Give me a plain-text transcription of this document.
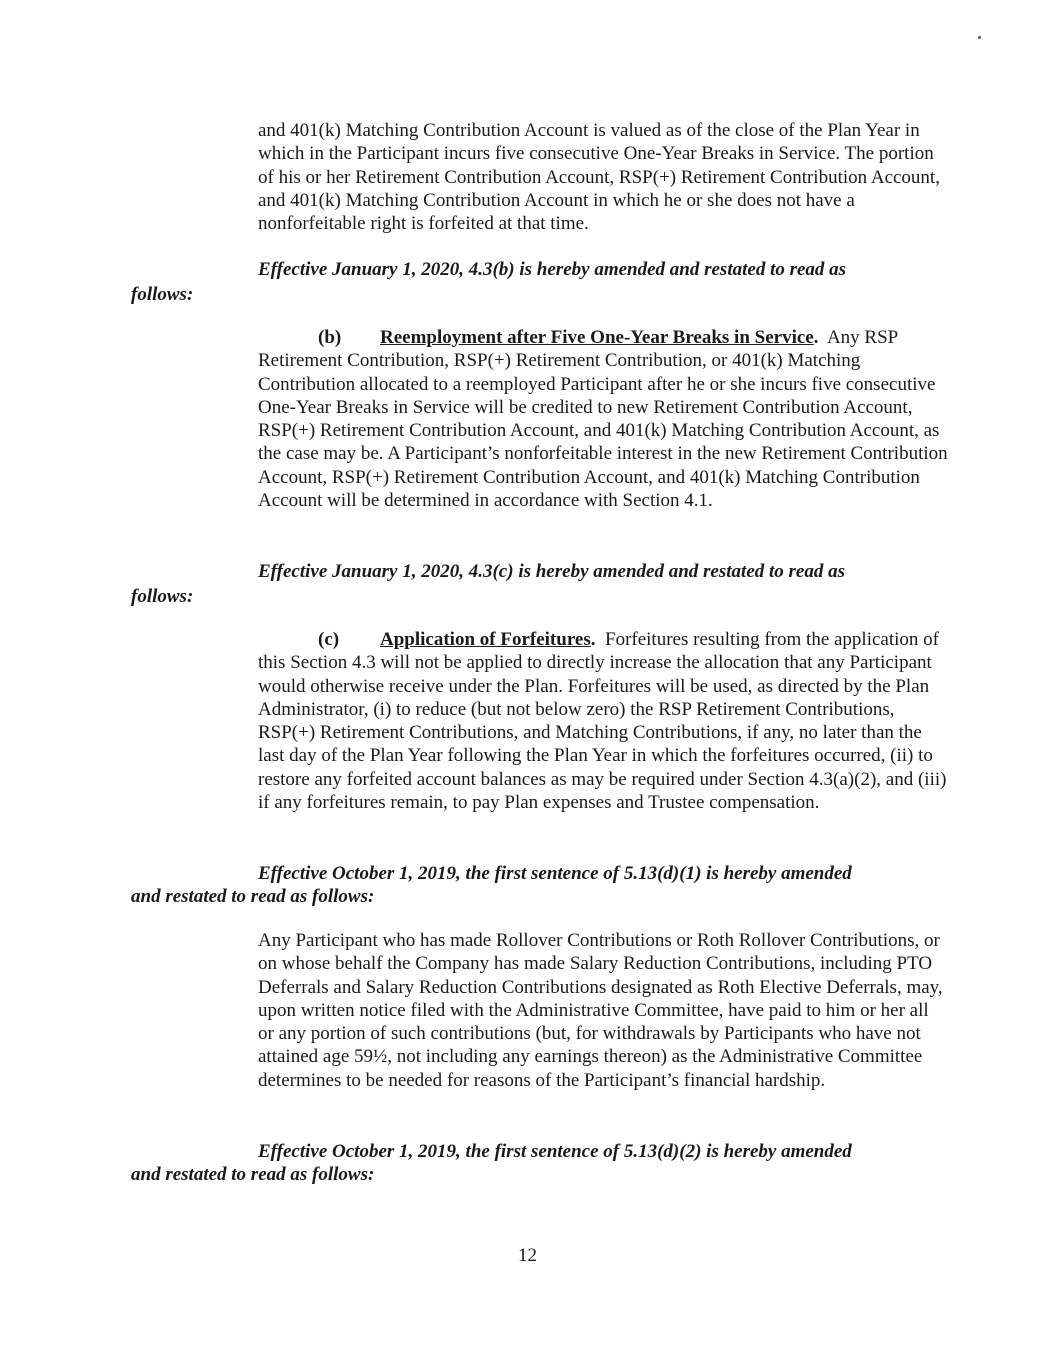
and 401(k) Matching Contribution Account is valued as of the close of the Plan Year in which in the Participant incurs five consecutive One-Year Breaks in Service. The portion of his or her Retirement Contribution Account, RSP(+) Retirement Contribution Account, and 401(k) Matching Contribution Account in which he or she does not have a nonforfeitable right is forfeited at that time.

Effective January 1, 2020, 4.3(b) is hereby amended and restated to read as

follows:

(b) Reemployment after Five One-Year Breaks in Service. Any RSP Retirement Contribution, RSP(+) Retirement Contribution, or 401(k) Matching Contribution allocated to a reemployed Participant after he or she incurs five consecutive One-Year Breaks in Service will be credited to new Retirement Contribution Account, RSP(+) Retirement Contribution Account, and 401(k) Matching Contribution Account, as the case may be. A Participant’s nonforfeitable interest in the new Retirement Contribution Account, RSP(+) Retirement Contribution Account, and 401(k) Matching Contribution Account will be determined in accordance with Section 4.1.

Effective January 1, 2020, 4.3(c) is hereby amended and restated to read as

follows:

(c) Application of Forfeitures. Forfeitures resulting from the application of this Section 4.3 will not be applied to directly increase the allocation that any Participant would otherwise receive under the Plan. Forfeitures will be used, as directed by the Plan Administrator, (i) to reduce (but not below zero) the RSP Retirement Contributions, RSP(+) Retirement Contributions, and Matching Contributions, if any, no later than the last day of the Plan Year following the Plan Year in which the forfeitures occurred, (ii) to restore any forfeited account balances as may be required under Section 4.3(a)(2), and (iii) if any forfeitures remain, to pay Plan expenses and Trustee compensation.

Effective October 1, 2019, the first sentence of 5.13(d)(1) is hereby amended

and restated to read as follows:

Any Participant who has made Rollover Contributions or Roth Rollover Contributions, or on whose behalf the Company has made Salary Reduction Contributions, including PTO Deferrals and Salary Reduction Contributions designated as Roth Elective Deferrals, may, upon written notice filed with the Administrative Committee, have paid to him or her all or any portion of such contributions (but, for withdrawals by Participants who have not attained age 59½, not including any earnings thereon) as the Administrative Committee determines to be needed for reasons of the Participant’s financial hardship.

Effective October 1, 2019, the first sentence of 5.13(d)(2) is hereby amended

and restated to read as follows:

12
